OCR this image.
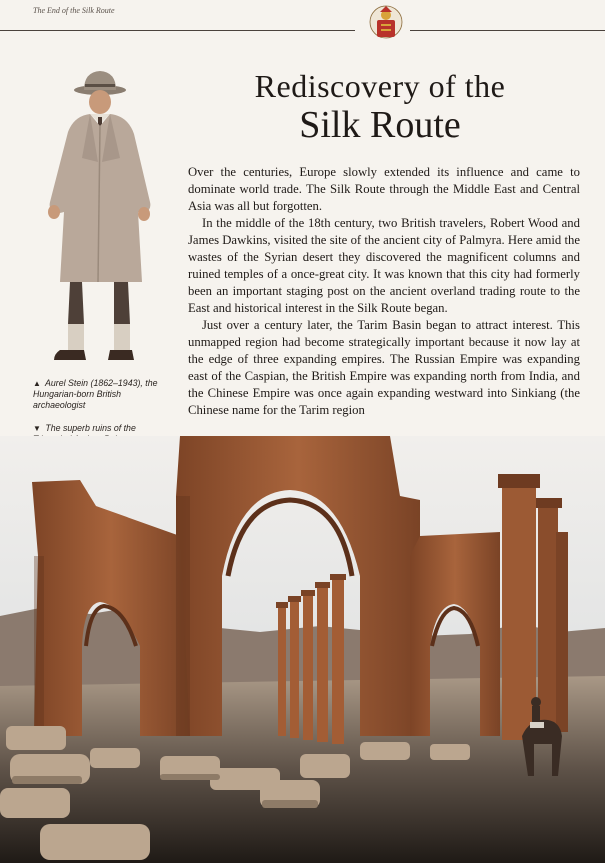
The End of the Silk Route
Rediscovery of the
Silk Route
▲ Aurel Stein (1862–1943), the Hungarian-born British archaeologist
▼ The superb ruins of the

Over the centuries, Europe slowly extended its influence and came to dominate world trade. The Silk Route through the Middle East and Central Asia was all but forgotten.

In the middle of the 18th century, two British travelers, Robert Wood and James Dawkins, visited the site of the ancient city of Palmyra. Here amid the wastes of the Syrian desert they discovered the magnificent columns and ruined temples of a once-great city. It was known that this city had formerly been an important staging post on the ancient overland trading route to the East and historical interest in the Silk Route began.

Just over a century later, the Tarim Basin began to attract interest. This unmapped region had become strategically important because it now lay at the edge of three expanding empires. The Russian Empire was expanding east of the Caspian, the British Empire was expanding north from India, and the Chinese Empire was once again expanding westward into Sinkiang (the Chinese name for the Tarim region
